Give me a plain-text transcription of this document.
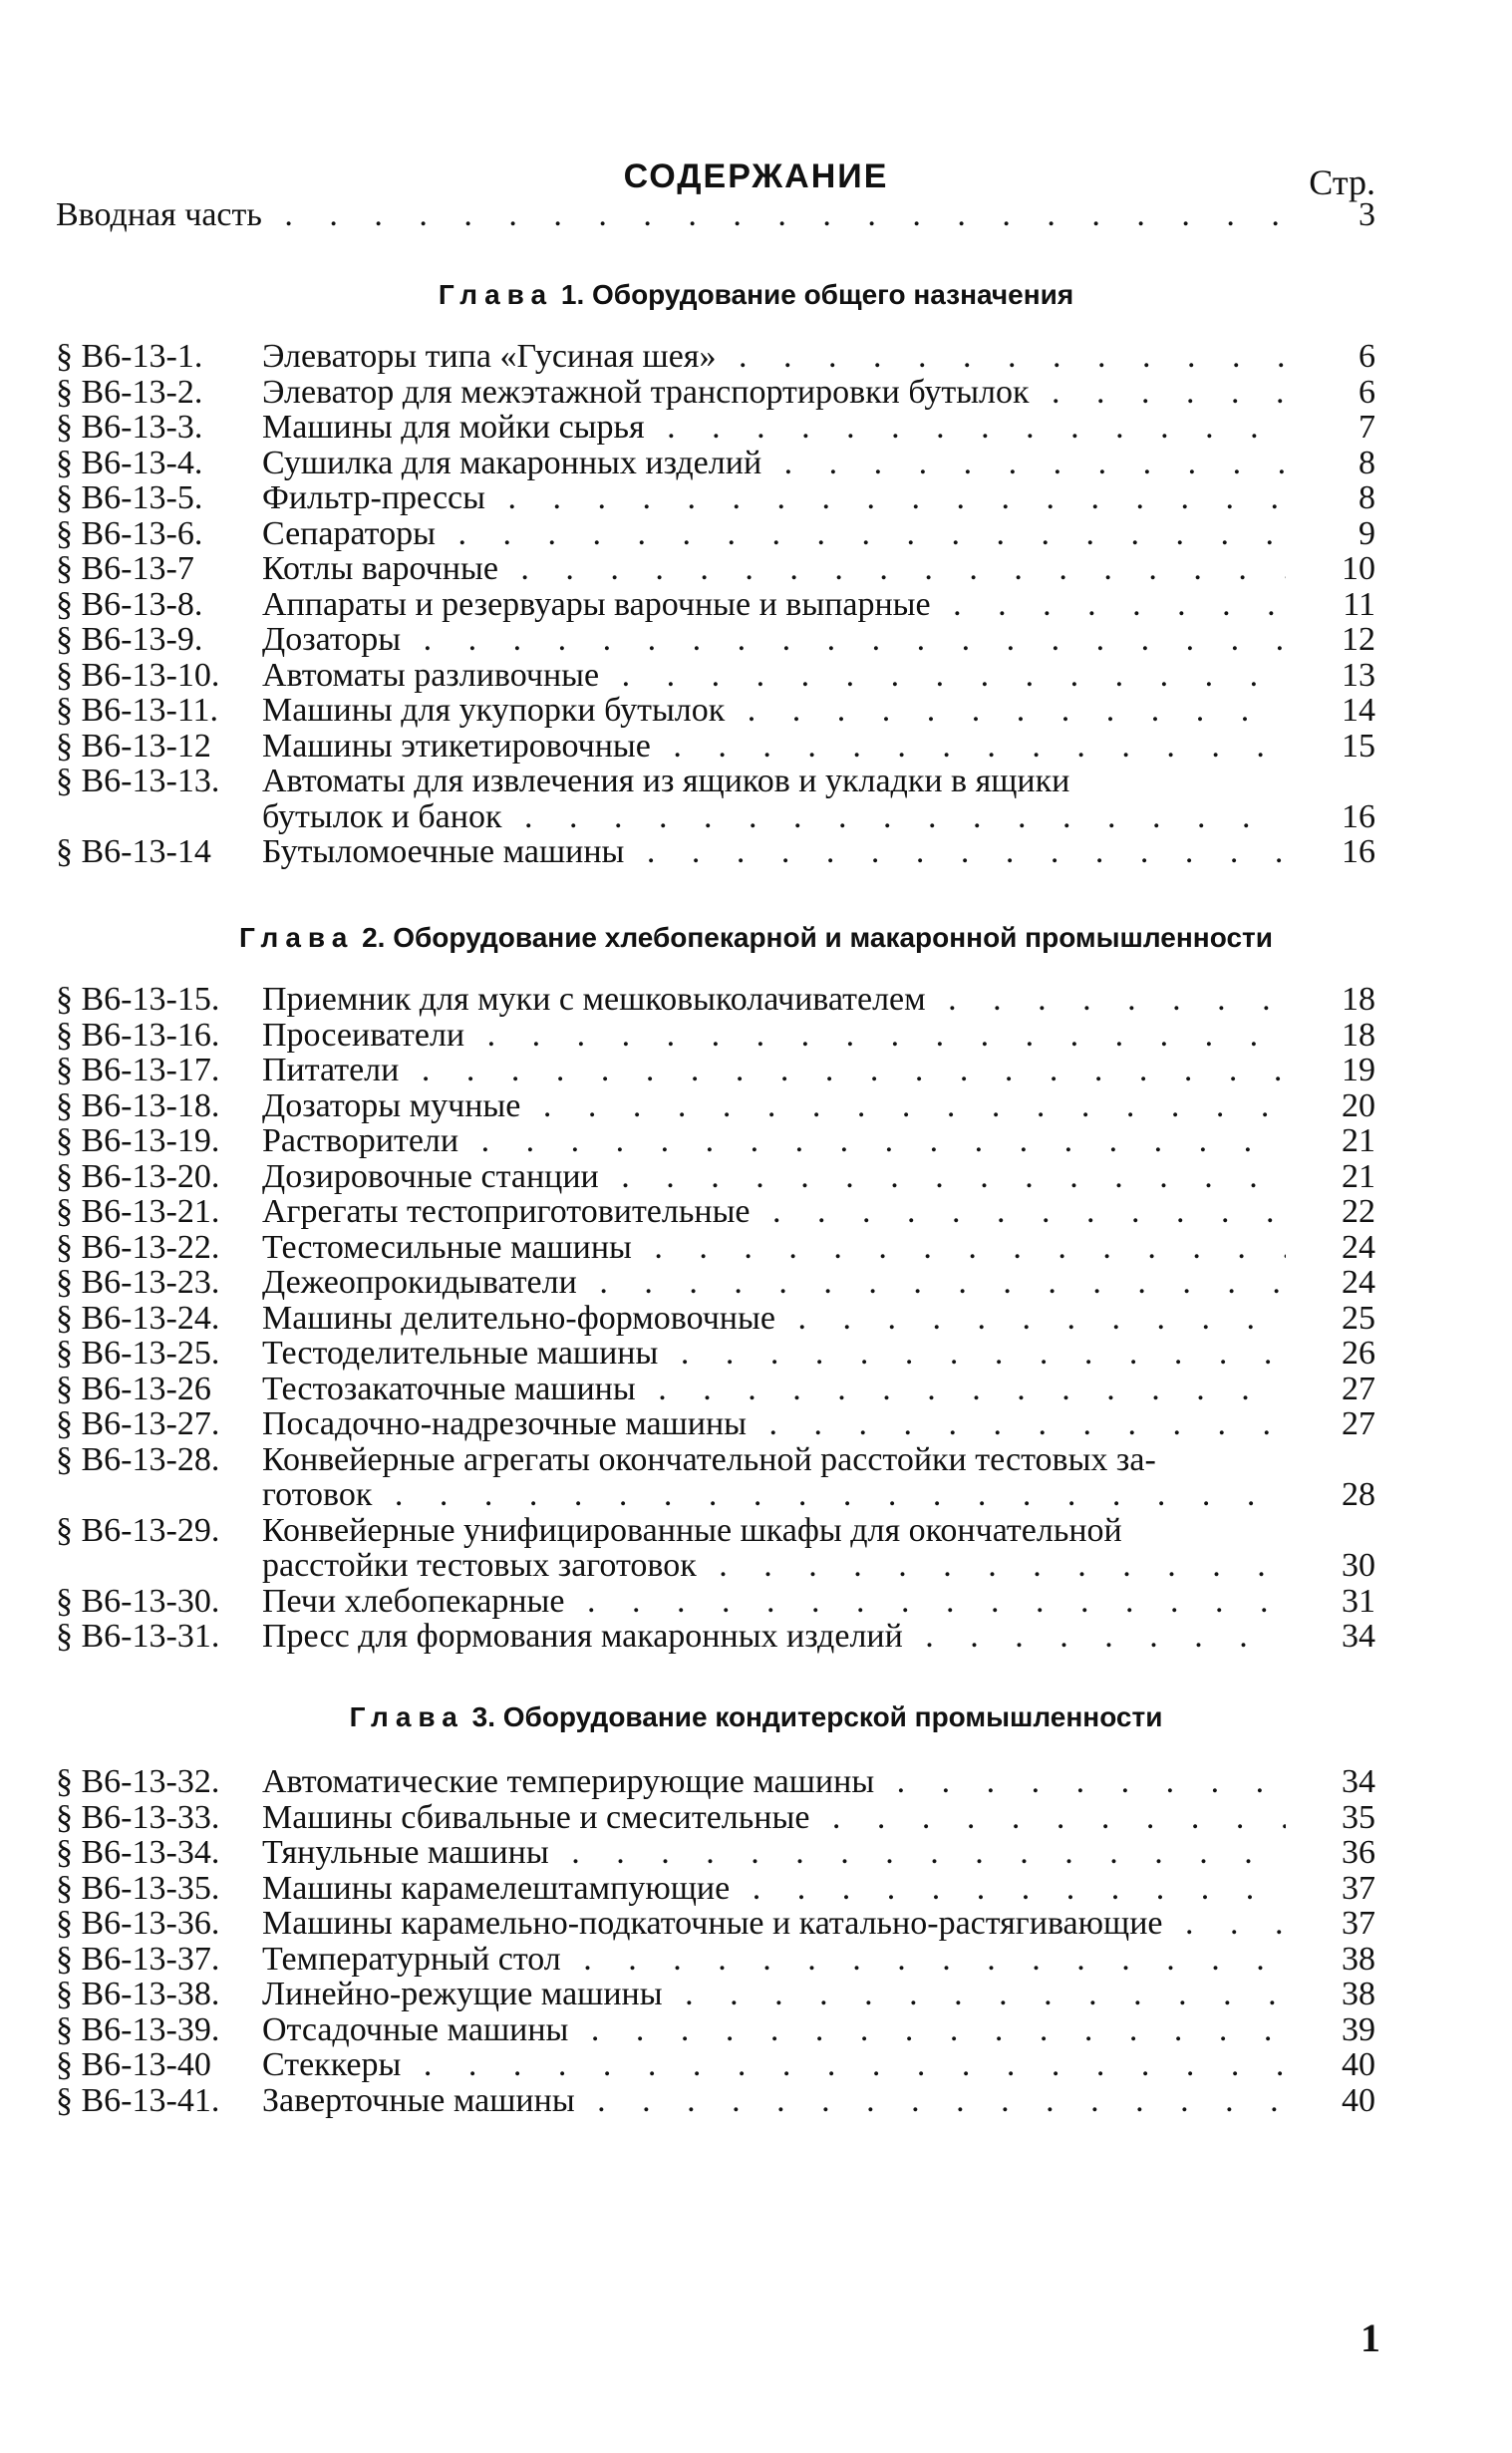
СОДЕРЖАНИЕ	Стр.
Вводная часть . . .	3
Глава 1. Оборудование общего назначения
§ В6-13-1. Элеваторы типа «Гусиная шея» . . .	6
§ В6-13-2. Элеватор для межэтажной транспортировки бутылок . . .	6
§ В6-13-3. Машины для мойки сырья . . .	7
§ В6-13-4. Сушилка для макаронных изделий . . .	8
§ В6-13-5. Фильтр-прессы . . .	8
§ В6-13-6. Сепараторы . . .	9
§ В6-13-7 Котлы варочные . . .	10
§ В6-13-8. Аппараты и резервуары варочные и выпарные . . .	11
§ В6-13-9. Дозаторы . . .	12
§ В6-13-10. Автоматы разливочные . . .	13
§ В6-13-11. Машины для укупорки бутылок . . .	14
§ В6-13-12 Машины этикетировочные . . .	15
§ В6-13-13. Автоматы для извлечения из ящиков и укладки в ящики
бутылок и банок . . .	16
§ В6-13-14 Бутыломоечные машины . . .	16
Глава 2. Оборудование хлебопекарной и макаронной промышленности
§ В6-13-15. Приемник для муки с мешковыколачивателем . . .	18
§ В6-13-16. Просеиватели . . .	18
§ В6-13-17. Питатели . . .	19
§ В6-13-18. Дозаторы мучные . . .	20
§ В6-13-19. Растворители . . .	21
§ В6-13-20. Дозировочные станции . . .	21
§ В6-13-21. Агрегаты тестоприготовительные . . .	22
§ В6-13-22. Тестомесильные машины . . .	24
§ В6-13-23. Дежеопрокидыватели . . .	24
§ В6-13-24. Машины делительно-формовочные . . .	25
§ В6-13-25. Тестоделительные машины . . .	26
§ В6-13-26 Тестозакаточные машины . . .	27
§ В6-13-27. Посадочно-надрезочные машины . . .	27
§ В6-13-28. Конвейерные агрегаты окончательной расстойки тестовых за-
готовок . . .	28
§ В6-13-29. Конвейерные унифицированные шкафы для окончательной
расстойки тестовых заготовок . . .	30
§ В6-13-30. Печи хлебопекарные . . .	31
§ В6-13-31. Пресс для формования макаронных изделий . . .	34
Глава 3. Оборудование кондитерской промышленности
§ В6-13-32. Автоматические темперирующие машины . . .	34
§ В6-13-33. Машины сбивальные и смесительные . . .	35
§ В6-13-34. Тянульные машины . . .	36
§ В6-13-35. Машины карамелештампующие . . .	37
§ В6-13-36. Машины карамельно-подкаточные и катально-растягивающие . . .	37
§ В6-13-37. Температурный стол . . .	38
§ В6-13-38. Линейно-режущие машины . . .	38
§ В6-13-39. Отсадочные машины . . .	39
§ В6-13-40 Стеккеры . . .	40
§ В6-13-41. Заверточные машины . . .	40
1
